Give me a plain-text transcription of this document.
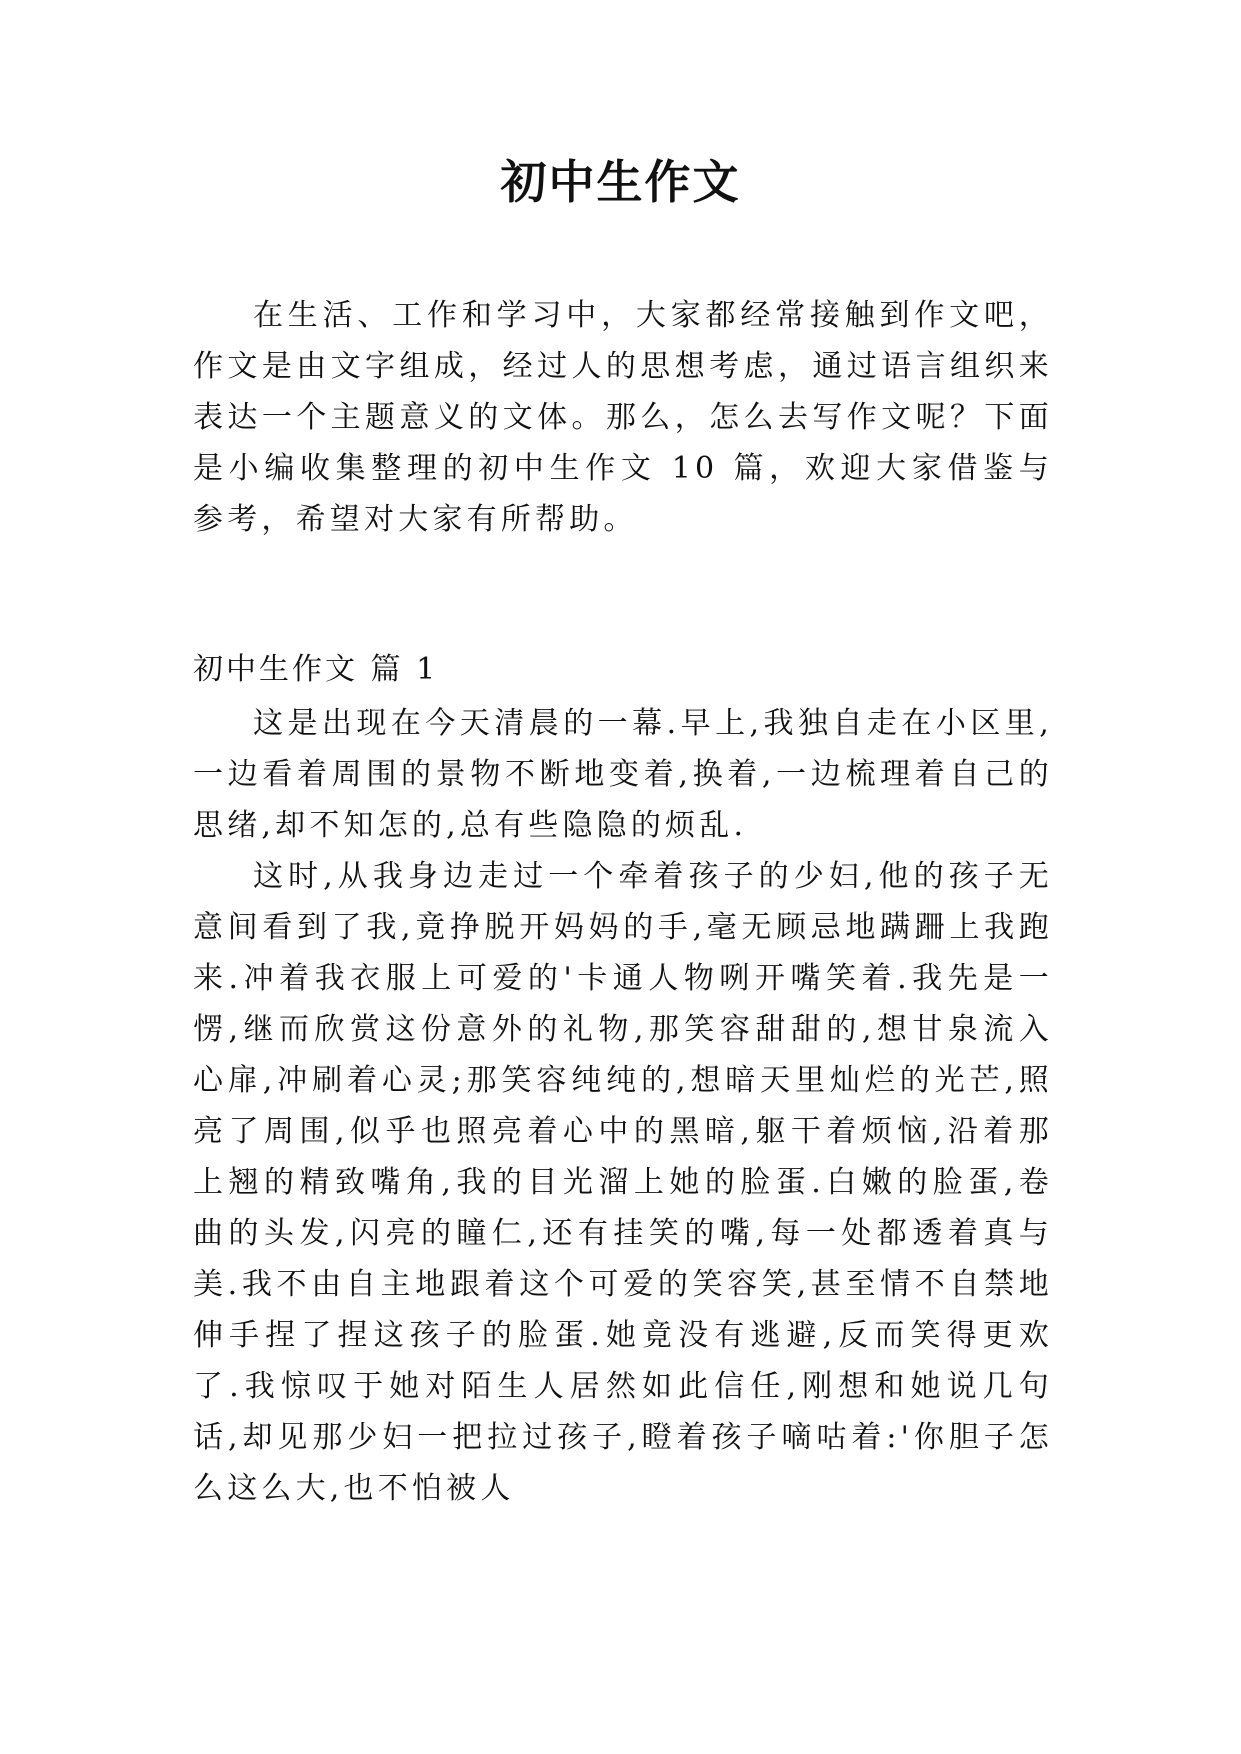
初中生作文

在生活、工作和学习中，大家都经常接触到作文吧，作文是由文字组成，经过人的思想考虑，通过语言组织来表达一个主题意义的文体。那么，怎么去写作文呢？下面是小编收集整理的初中生作文 10 篇，欢迎大家借鉴与参考，希望对大家有所帮助。

初中生作文 篇 1

这是出现在今天清晨的一幕.早上,我独自走在小区里,一边看着周围的景物不断地变着,换着,一边梳理着自己的思绪,却不知怎的,总有些隐隐的烦乱.

这时,从我身边走过一个牵着孩子的少妇,他的孩子无意间看到了我,竟挣脱开妈妈的手,毫无顾忌地蹒跚上我跑来.冲着我衣服上可爱的'卡通人物咧开嘴笑着.我先是一愣,继而欣赏这份意外的礼物,那笑容甜甜的,想甘泉流入心扉,冲刷着心灵;那笑容纯纯的,想暗天里灿烂的光芒,照亮了周围,似乎也照亮着心中的黑暗,躯干着烦恼,沿着那上翘的精致嘴角,我的目光溜上她的脸蛋.白嫩的脸蛋,卷曲的头发,闪亮的瞳仁,还有挂笑的嘴,每一处都透着真与美.我不由自主地跟着这个可爱的笑容笑,甚至情不自禁地伸手捏了捏这孩子的脸蛋.她竟没有逃避,反而笑得更欢了.我惊叹于她对陌生人居然如此信任,刚想和她说几句话,却见那少妇一把拉过孩子,瞪着孩子嘀咕着:'你胆子怎么这么大,也不怕被人
